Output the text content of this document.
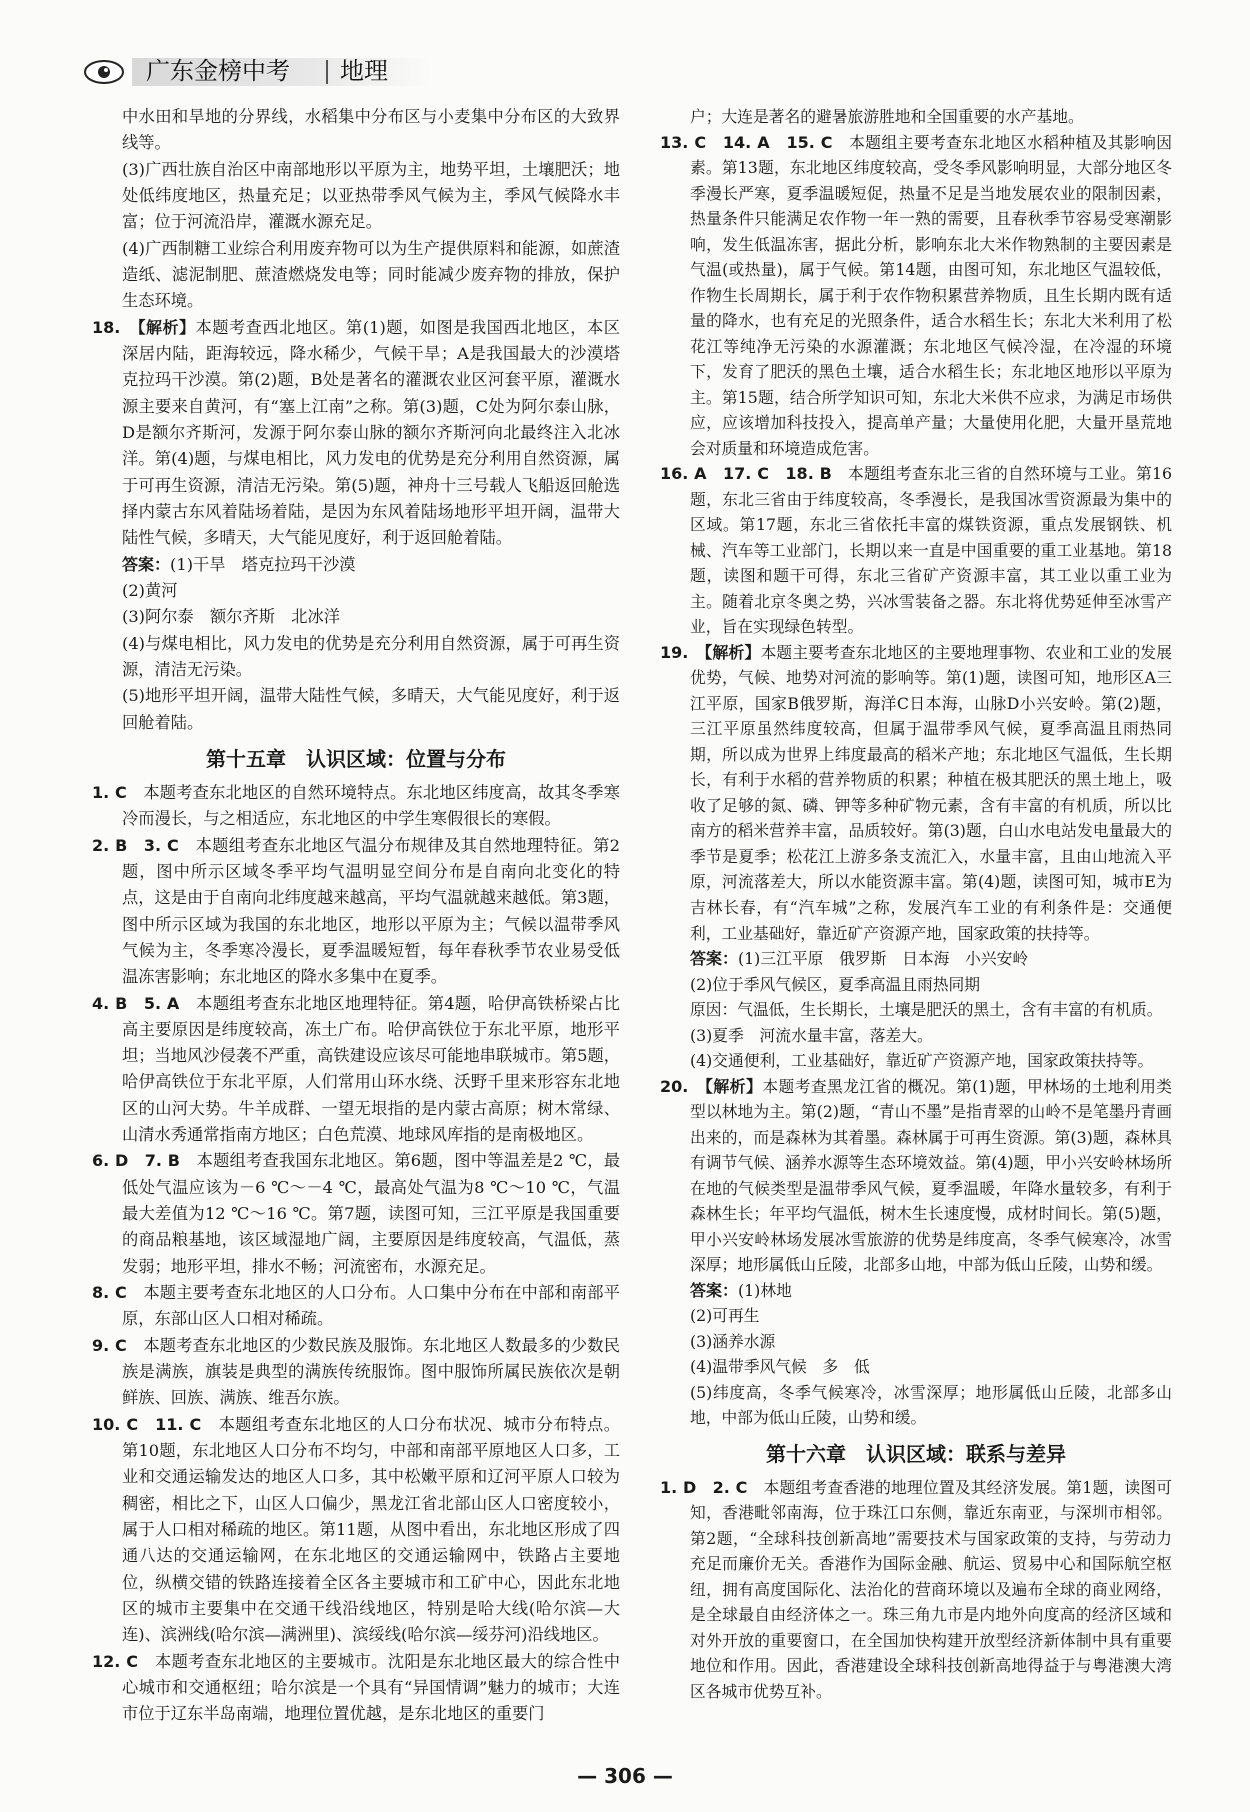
广东金榜中考 地理

中水田和旱地的分界线，水稻集中分布区与小麦集中分布区的大致界线等。

(3)广西壮族自治区中南部地形以平原为主，地势平坦，土壤肥沃；地处低纬度地区，热量充足；以亚热带季风气候为主，季风气候降水丰富；位于河流沿岸，灌溉水源充足。

(4)广西制糖工业综合利用废弃物可以为生产提供原料和能源，如蔗渣造纸、滤泥制肥、蔗渣燃烧发电等；同时能减少废弃物的排放，保护生态环境。

18.　 【解析】本题考查西北地区。第(1)题，如图是我国西北地区，本区深居内陆，距海较远，降水稀少，气候干旱；A是我国最大的沙漠塔克拉玛干沙漠。第(2)题，B处是著名的灌溉农业区河套平原，灌溉水源主要来自黄河，有“塞上江南”之称。第(3)题，C处为阿尔泰山脉，D是额尔齐斯河，发源于阿尔泰山脉的额尔齐斯河向北最终注入北冰洋。第(4)题，与煤电相比，风力发电的优势是充分利用自然资源，属于可再生资源，清洁无污染。第(5)题，神舟十三号载人飞船返回舱选择内蒙古东风着陆场着陆，是因为东风着陆场地形平坦开阔，温带大陆性气候，多晴天，大气能见度好，利于返回舱着陆。

答案：(1)干旱　塔克拉玛干沙漠

(2)黄河

(3)阿尔泰　额尔齐斯　北冰洋

(4)与煤电相比，风力发电的优势是充分利用自然资源，属于可再生资源，清洁无污染。

(5)地形平坦开阔，温带大陆性气候，多晴天，大气能见度好，利于返回舱着陆。

第十五章　认识区域：位置与分布

1. C　 本题考查东北地区的自然环境特点。东北地区纬度高，故其冬季寒冷而漫长，与之相适应，东北地区的中学生寒假很长的寒假。

2. B　3. C　 本题组考查东北地区气温分布规律及其自然地理特征。第2题，图中所示区域冬季平均气温明显空间分布是自南向北变化的特点，这是由于自南向北纬度越来越高，平均气温就越来越低。第3题，图中所示区域为我国的东北地区，地形以平原为主；气候以温带季风气候为主，冬季寒冷漫长，夏季温暖短暂，每年春秋季节农业易受低温冻害影响；东北地区的降水多集中在夏季。

4. B　5. A　 本题组考查东北地区地理特征。第4题，哈伊高铁桥梁占比高主要原因是纬度较高，冻土广布。哈伊高铁位于东北平原，地形平坦；当地风沙侵袭不严重，高铁建设应该尽可能地串联城市。第5题，哈伊高铁位于东北平原，人们常用山环水绕、沃野千里来形容东北地区的山河大势。牛羊成群、一望无垠指的是内蒙古高原；树木常绿、山清水秀通常指南方地区；白色荒漠、地球风库指的是南极地区。

6. D　7. B　 本题组考查我国东北地区。第6题，图中等温差是2 ℃，最低处气温应该为－6 ℃～－4 ℃，最高处气温为8 ℃～10 ℃，气温最大差值为12 ℃～16 ℃。第7题，读图可知，三江平原是我国重要的商品粮基地，该区域湿地广阔，主要原因是纬度较高，气温低，蒸发弱；地形平坦，排水不畅；河流密布，水源充足。

8. C　 本题主要考查东北地区的人口分布。人口集中分布在中部和南部平原，东部山区人口相对稀疏。

9. C　 本题考查东北地区的少数民族及服饰。东北地区人数最多的少数民族是满族，旗装是典型的满族传统服饰。图中服饰所属民族依次是朝鲜族、回族、满族、维吾尔族。

10. C　11. C　 本题组考查东北地区的人口分布状况、城市分布特点。第10题，东北地区人口分布不均匀，中部和南部平原地区人口多，工业和交通运输发达的地区人口多，其中松嫩平原和辽河平原人口较为稠密，相比之下，山区人口偏少，黑龙江省北部山区人口密度较小，属于人口相对稀疏的地区。第11题，从图中看出，东北地区形成了四通八达的交通运输网，在东北地区的交通运输网中，铁路占主要地位，纵横交错的铁路连接着全区各主要城市和工矿中心，因此东北地区的城市主要集中在交通干线沿线地区，特别是哈大线(哈尔滨—大连)、滨洲线(哈尔滨—满洲里)、滨绥线(哈尔滨—绥芬河)沿线地区。

12. C　 本题考查东北地区的主要城市。沈阳是东北地区最大的综合性中心城市和交通枢纽；哈尔滨是一个具有“异国情调”魅力的城市；大连市位于辽东半岛南端，地理位置优越，是东北地区的重要门

户；大连是著名的避暑旅游胜地和全国重要的水产基地。

13. C　14. A　15. C　 本题组主要考查东北地区水稻种植及其影响因素。第13题，东北地区纬度较高，受冬季风影响明显，大部分地区冬季漫长严寒，夏季温暖短促，热量不足是当地发展农业的限制因素，热量条件只能满足农作物一年一熟的需要，且春秋季节容易受寒潮影响，发生低温冻害，据此分析，影响东北大米作物熟制的主要因素是气温(或热量)，属于气候。第14题，由图可知，东北地区气温较低，作物生长周期长，属于利于农作物积累营养物质，且生长期内既有适量的降水，也有充足的光照条件，适合水稻生长；东北大米利用了松花江等纯净无污染的水源灌溉；东北地区气候冷湿，在冷湿的环境下，发育了肥沃的黑色土壤，适合水稻生长；东北地区地形以平原为主。第15题，结合所学知识可知，东北大米供不应求，为满足市场供应，应该增加科技投入，提高单产量；大量使用化肥，大量开垦荒地会对质量和环境造成危害。

16. A　17. C　18. B　 本题组考查东北三省的自然环境与工业。第16题，东北三省由于纬度较高，冬季漫长，是我国冰雪资源最为集中的区域。第17题，东北三省依托丰富的煤铁资源，重点发展钢铁、机械、汽车等工业部门，长期以来一直是中国重要的重工业基地。第18题，读图和题干可得，东北三省矿产资源丰富，其工业以重工业为主。随着北京冬奥之势，兴冰雪装备之器。东北将优势延伸至冰雪产业，旨在实现绿色转型。

19.　 【解析】本题主要考查东北地区的主要地理事物、农业和工业的发展优势，气候、地势对河流的影响等。第(1)题，读图可知，地形区A三江平原，国家B俄罗斯，海洋C日本海，山脉D小兴安岭。第(2)题，三江平原虽然纬度较高，但属于温带季风气候，夏季高温且雨热同期，所以成为世界上纬度最高的稻米产地；东北地区气温低，生长期长，有利于水稻的营养物质的积累；种植在极其肥沃的黑土地上，吸收了足够的氮、磷、钾等多种矿物元素，含有丰富的有机质，所以比南方的稻米营养丰富，品质较好。第(3)题，白山水电站发电量最大的季节是夏季；松花江上游多条支流汇入，水量丰富，且由山地流入平原，河流落差大，所以水能资源丰富。第(4)题，读图可知，城市E为吉林长春，有“汽车城”之称，发展汽车工业的有利条件是：交通便利，工业基础好，靠近矿产资源产地，国家政策的扶持等。

答案：(1)三江平原　俄罗斯　日本海　小兴安岭

(2)位于季风气候区，夏季高温且雨热同期

原因：气温低，生长期长，土壤是肥沃的黑土，含有丰富的有机质。

(3)夏季　河流水量丰富，落差大。

(4)交通便利，工业基础好，靠近矿产资源产地，国家政策扶持等。

20.　 【解析】本题考查黑龙江省的概况。第(1)题，甲林场的土地利用类型以林地为主。第(2)题，“青山不墨”是指青翠的山岭不是笔墨丹青画出来的，而是森林为其着墨。森林属于可再生资源。第(3)题，森林具有调节气候、涵养水源等生态环境效益。第(4)题，甲小兴安岭林场所在地的气候类型是温带季风气候，夏季温暖，年降水量较多，有利于森林生长；年平均气温低，树木生长速度慢，成材时间长。第(5)题，甲小兴安岭林场发展冰雪旅游的优势是纬度高，冬季气候寒冷，冰雪深厚；地形属低山丘陵，北部多山地，中部为低山丘陵，山势和缓。

答案：(1)林地

(2)可再生

(3)涵养水源

(4)温带季风气候　多　低

(5)纬度高，冬季气候寒冷，冰雪深厚；地形属低山丘陵，北部多山地，中部为低山丘陵，山势和缓。

第十六章　认识区域：联系与差异

1. D　2. C　 本题组考查香港的地理位置及其经济发展。第1题，读图可知，香港毗邻南海，位于珠江口东侧，靠近东南亚，与深圳市相邻。第2题，“全球科技创新高地”需要技术与国家政策的支持，与劳动力充足而廉价无关。香港作为国际金融、航运、贸易中心和国际航空枢纽，拥有高度国际化、法治化的营商环境以及遍布全球的商业网络，是全球最自由经济体之一。珠三角九市是内地外向度高的经济区域和对外开放的重要窗口，在全国加快构建开放型经济新体制中具有重要地位和作用。因此，香港建设全球科技创新高地得益于与粤港澳大湾区各城市优势互补。

— 306 —
